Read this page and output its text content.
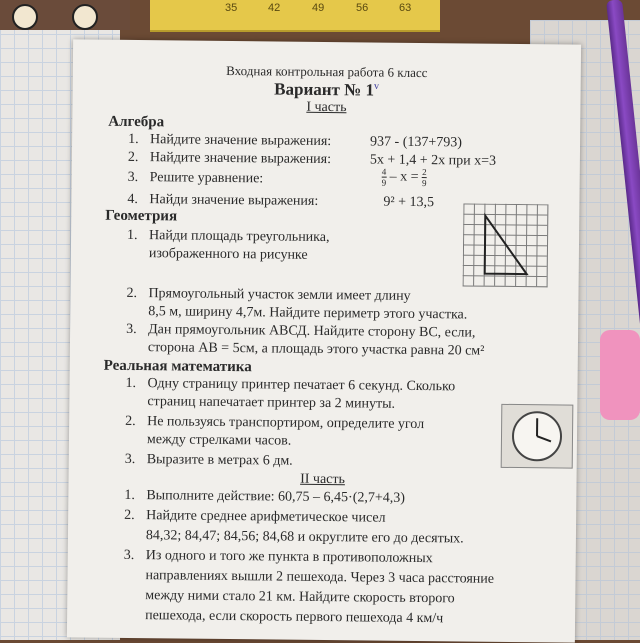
35	42	49	56	63
Входная контрольная работа 6 класс
Вариант № 1$^v$
I часть
Алгебра
1. Найдите значение выражения:	937 - (137+793)
2. Найдите значение выражения:	5x + 1,4 + 2x при x=3
3. Решите уравнение:	$\frac{4}{9} - x = \frac{2}{9}$
4. Найди значение выражения:	9² + 13,5
Геометрия
1. Найди площадь треугольника,
изображенного на рисунке
2. Прямоугольный участок земли имеет длину
8,5 м, ширину 4,7м. Найдите периметр этого участка.
3. Дан прямоугольник АВСД. Найдите сторону ВС, если,
сторона АВ = 5см, а площадь этого участка равна 20 см²
Реальная математика
1. Одну страницу принтер печатает 6 секунд. Сколько
страниц напечатает принтер за 2 минуты.
2. Не пользуясь транспортиром, определите угол
между стрелками часов.
3. Выразите в метрах 6 дм.
II часть
1. Выполните действие: 60,75 – 6,45·(2,7+4,3)
2. Найдите среднее арифметическое чисел
84,32; 84,47; 84,56; 84,68 и округлите его до десятых.
3. Из одного и того же пункта в противоположных
направлениях вышли 2 пешехода. Через 3 часа расстояние
между ними стало 21 км. Найдите скорость второго
пешехода, если скорость первого пешехода 4 км/ч
